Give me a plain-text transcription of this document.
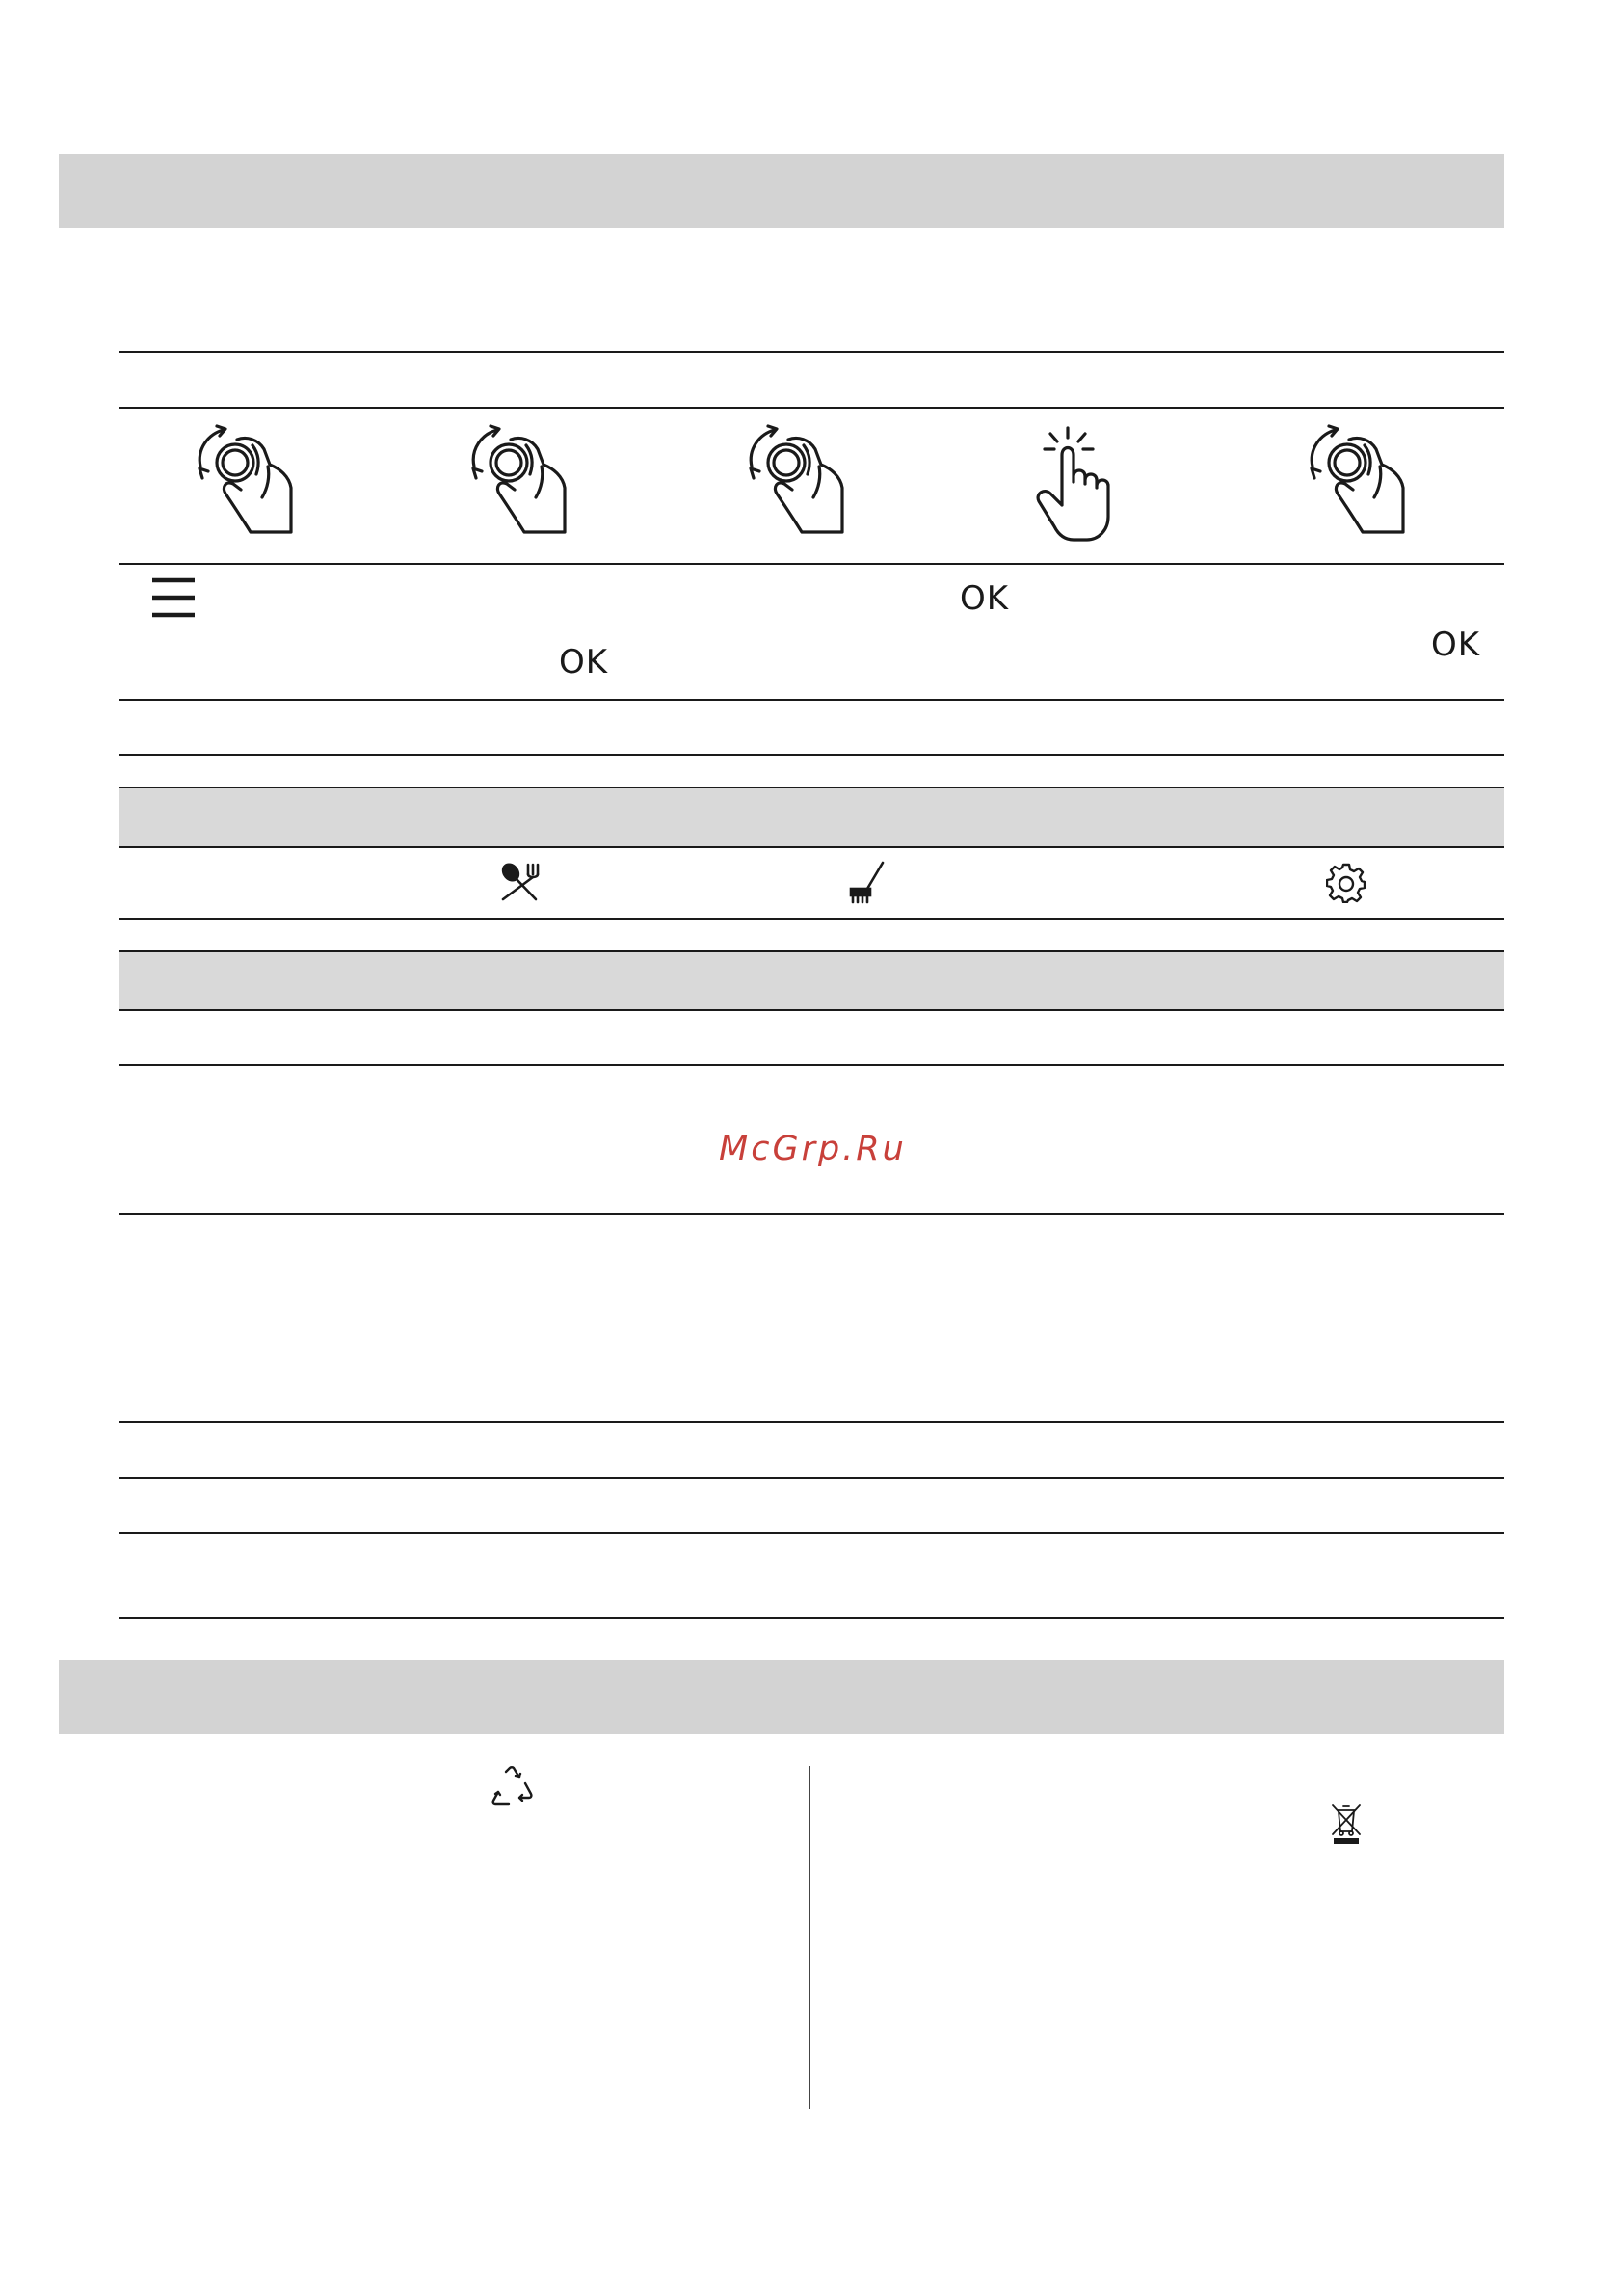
OK
OK
OK
McGrp.Ru
